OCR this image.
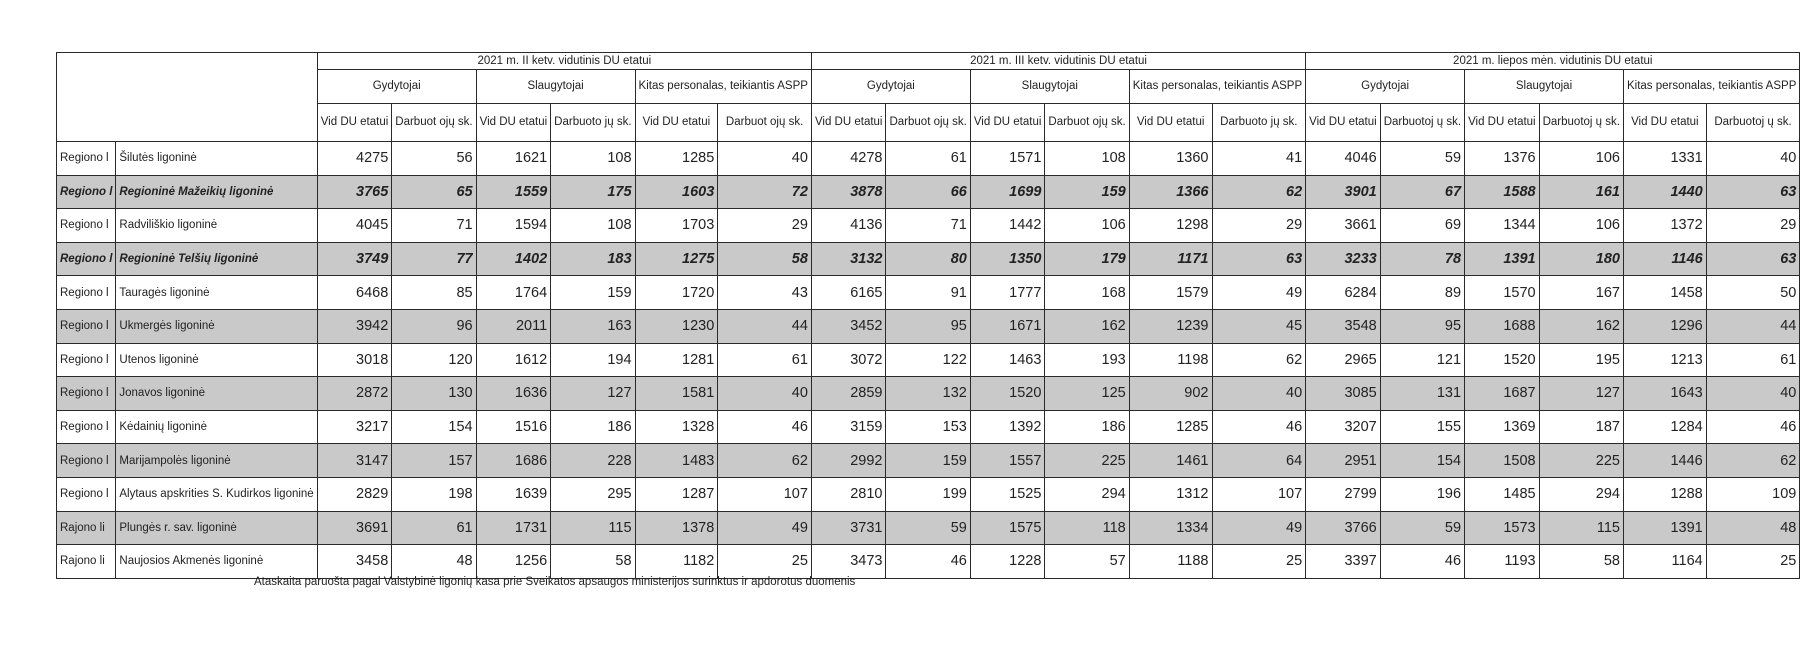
		2021 m. II ketv. vidutinis DU etatui						2021 m. III ketv. vidutinis DU etatui						2021 m. liepos mėn. vidutinis DU etatui					
		Gydytojai		Slaugytojai		Kitas personalas, teikiantis ASPP		Gydytojai		Slaugytojai		Kitas personalas, teikiantis ASPP		Gydytojai		Slaugytojai		Kitas personalas, teikiantis ASPP	
		Vid DU etatui	Darbuot ojų sk.	Vid DU etatui	Darbuoto jų sk.	Vid DU etatui	Darbuot ojų sk.	Vid DU etatui	Darbuot ojų sk.	Vid DU etatui	Darbuot ojų sk.	Vid DU etatui	Darbuoto jų sk.	Vid DU etatui	Darbuotoj ų sk.	Vid DU etatui	Darbuotoj ų sk.	Vid DU etatui	Darbuotoj ų sk.
Regiono l	Šilutės ligoninė	4275	56	1621	108	1285	40	4278	61	1571	108	1360	41	4046	59	1376	106	1331	40
Regiono l	Regioninė Mažeikių ligoninė	3765	65	1559	175	1603	72	3878	66	1699	159	1366	62	3901	67	1588	161	1440	63
Regiono l	Radviliškio ligoninė	4045	71	1594	108	1703	29	4136	71	1442	106	1298	29	3661	69	1344	106	1372	29
Regiono l	Regioninė Telšių ligoninė	3749	77	1402	183	1275	58	3132	80	1350	179	1171	63	3233	78	1391	180	1146	63
Regiono l	Tauragės ligoninė	6468	85	1764	159	1720	43	6165	91	1777	168	1579	49	6284	89	1570	167	1458	50
Regiono l	Ukmergės ligoninė	3942	96	2011	163	1230	44	3452	95	1671	162	1239	45	3548	95	1688	162	1296	44
Regiono l	Utenos ligoninė	3018	120	1612	194	1281	61	3072	122	1463	193	1198	62	2965	121	1520	195	1213	61
Regiono l	Jonavos ligoninė	2872	130	1636	127	1581	40	2859	132	1520	125	902	40	3085	131	1687	127	1643	40
Regiono l	Kėdainių ligoninė	3217	154	1516	186	1328	46	3159	153	1392	186	1285	46	3207	155	1369	187	1284	46
Regiono l	Marijampolės ligoninė	3147	157	1686	228	1483	62	2992	159	1557	225	1461	64	2951	154	1508	225	1446	62
Regiono l	Alytaus apskrities S. Kudirkos ligoninė	2829	198	1639	295	1287	107	2810	199	1525	294	1312	107	2799	196	1485	294	1288	109
Rajono li	Plungės r. sav. ligoninė	3691	61	1731	115	1378	49	3731	59	1575	118	1334	49	3766	59	1573	115	1391	48
Rajono li	Naujosios Akmenės ligoninė	3458	48	1256	58	1182	25	3473	46	1228	57	1188	25	3397	46	1193	58	1164	25
Ataskaita paruošta pagal Valstybinė ligonių kasa prie Sveikatos apsaugos ministerijos surinktus ir apdorotus duomenis
